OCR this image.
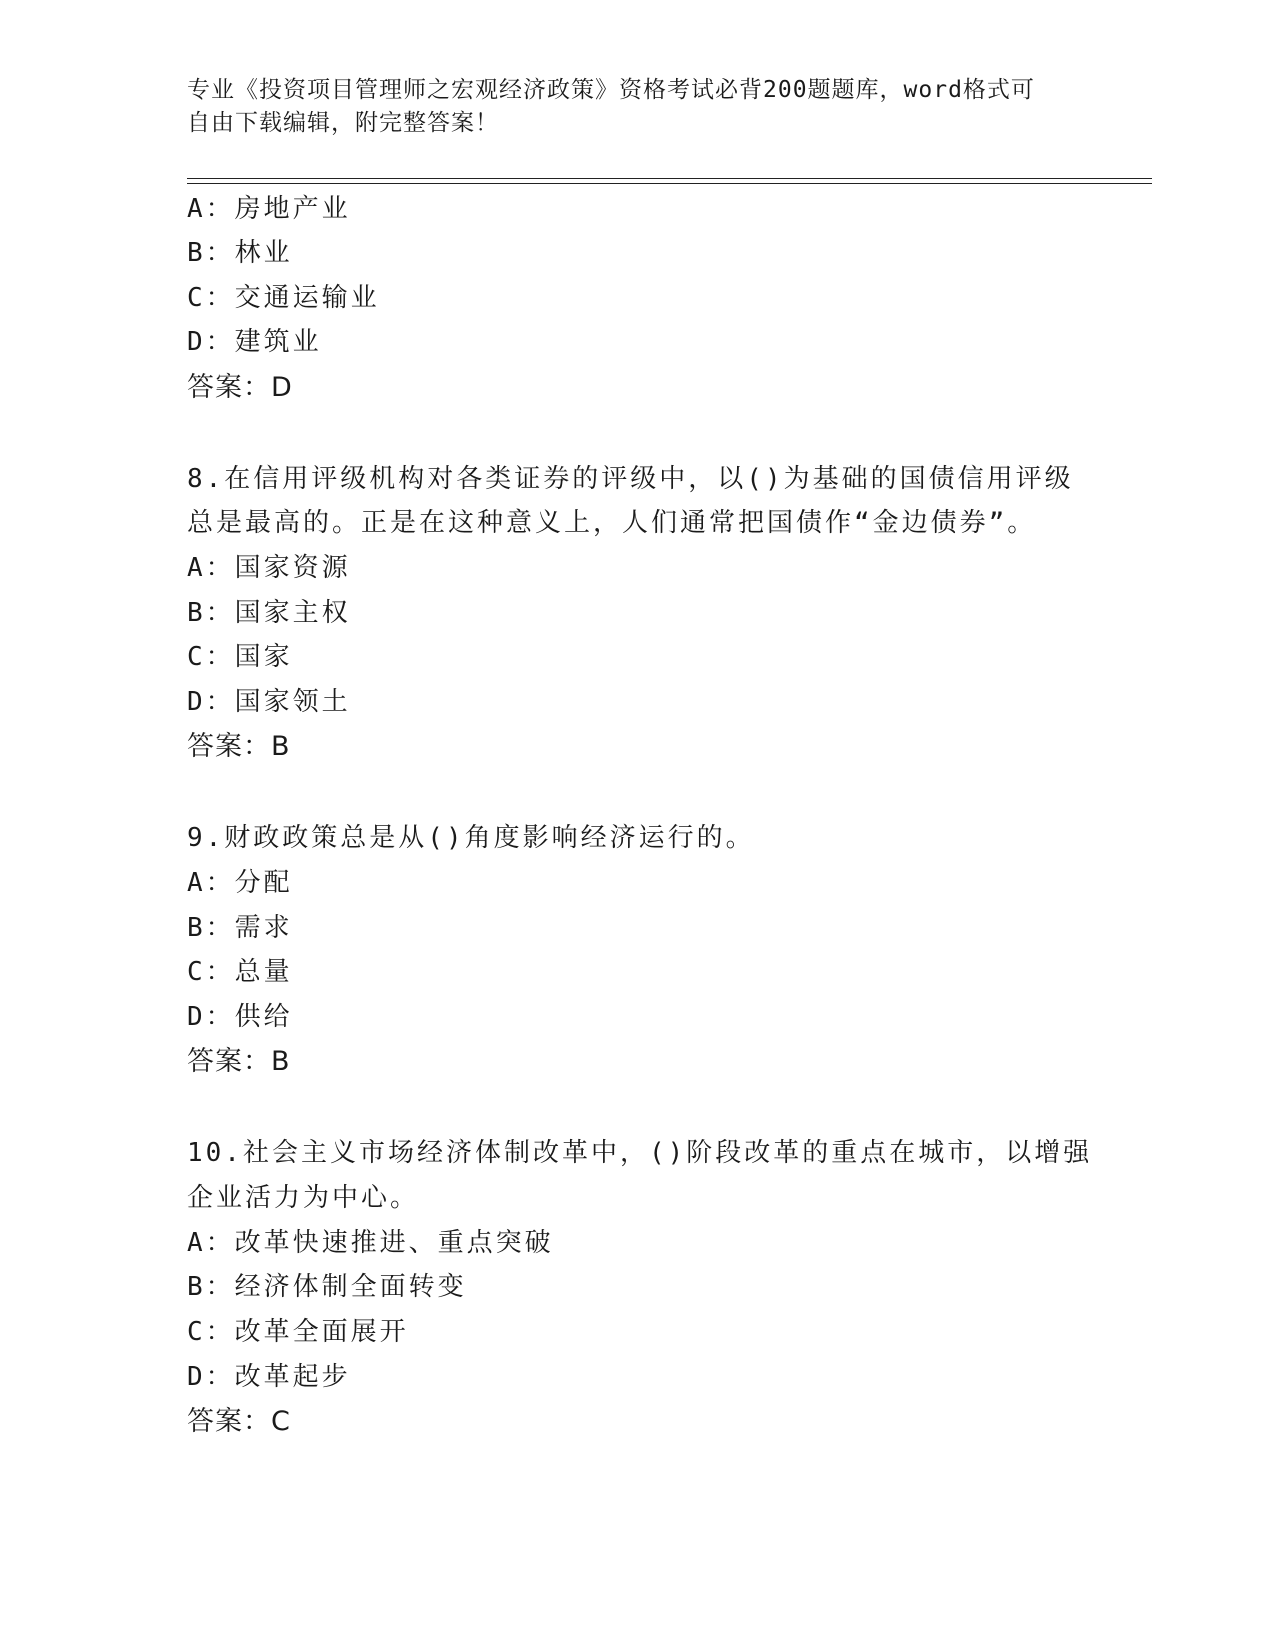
专业《投资项目管理师之宏观经济政策》资格考试必背200题题库，word格式可
自由下载编辑，附完整答案！
A：房地产业
B：林业
C：交通运输业
D：建筑业
答案：D
8.在信用评级机构对各类证券的评级中，以()为基础的国债信用评级
总是最高的。正是在这种意义上，人们通常把国债作“金边债券”。
A：国家资源
B：国家主权
C：国家
D：国家领土
答案：B
9.财政政策总是从()角度影响经济运行的。
A：分配
B：需求
C：总量
D：供给
答案：B
10.社会主义市场经济体制改革中，()阶段改革的重点在城市，以增强
企业活力为中心。
A：改革快速推进、重点突破
B：经济体制全面转变
C：改革全面展开
D：改革起步
答案：C
